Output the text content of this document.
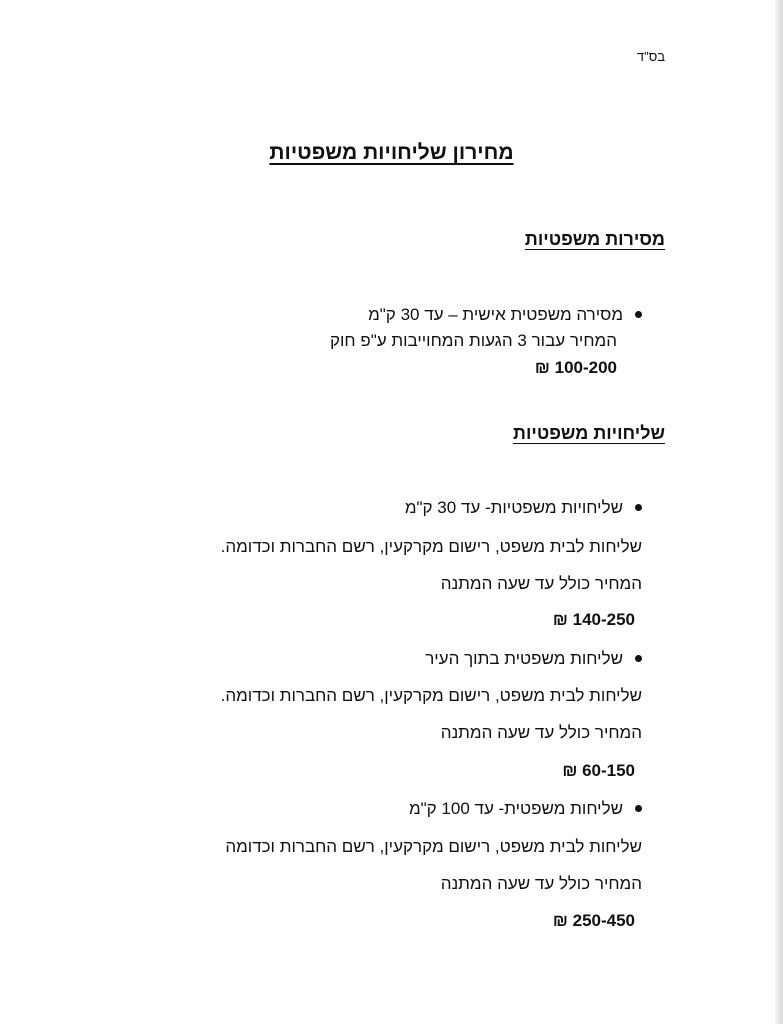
בס"ד
מחירון שליחויות משפטיות
מסירות משפטיות
מסירה משפטית אישית – עד 30 ק"מ
המחיר עבור 3 הגעות המחוייבות ע"פ חוק
100-200 ₪
שליחויות משפטיות
שליחויות משפטיות- עד 30 ק"מ
שליחות לבית משפט, רישום מקרקעין, רשם החברות וכדומה.
המחיר כולל עד שעה המתנה
140-250 ₪
שליחות משפטית בתוך העיר
שליחות לבית משפט, רישום מקרקעין, רשם החברות וכדומה.
המחיר כולל עד שעה המתנה
60-150 ₪
שליחות משפטית- עד 100 ק"מ
שליחות לבית משפט, רישום מקרקעין, רשם החברות וכדומה
המחיר כולל עד שעה המתנה
250-450 ₪
